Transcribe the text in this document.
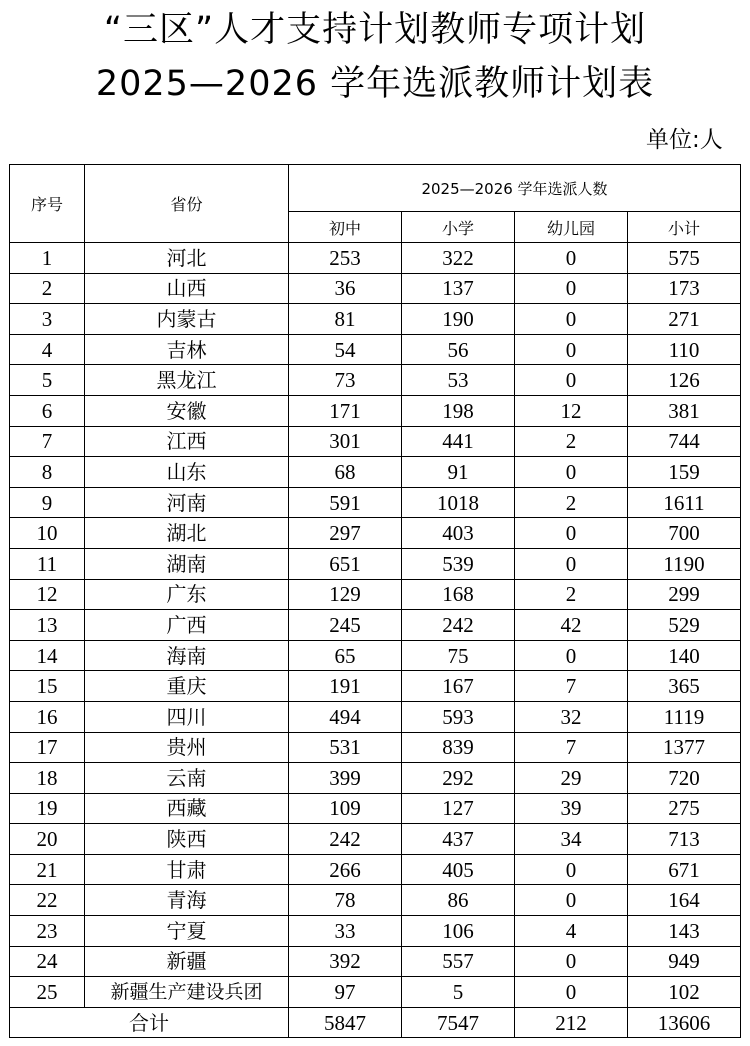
“三区”人才支持计划教师专项计划
2025—2026 学年选派教师计划表
单位:人
序号	省份	2025—2026 学年选派人数			
		初中	小学	幼儿园	小计
1	河北	253	322	0	575
2	山西	36	137	0	173
3	内蒙古	81	190	0	271
4	吉林	54	56	0	110
5	黑龙江	73	53	0	126
6	安徽	171	198	12	381
7	江西	301	441	2	744
8	山东	68	91	0	159
9	河南	591	1018	2	1611
10	湖北	297	403	0	700
11	湖南	651	539	0	1190
12	广东	129	168	2	299
13	广西	245	242	42	529
14	海南	65	75	0	140
15	重庆	191	167	7	365
16	四川	494	593	32	1119
17	贵州	531	839	7	1377
18	云南	399	292	29	720
19	西藏	109	127	39	275
20	陕西	242	437	34	713
21	甘肃	266	405	0	671
22	青海	78	86	0	164
23	宁夏	33	106	4	143
24	新疆	392	557	0	949
25	新疆生产建设兵团	97	5	0	102
合计		5847	7547	212	13606
